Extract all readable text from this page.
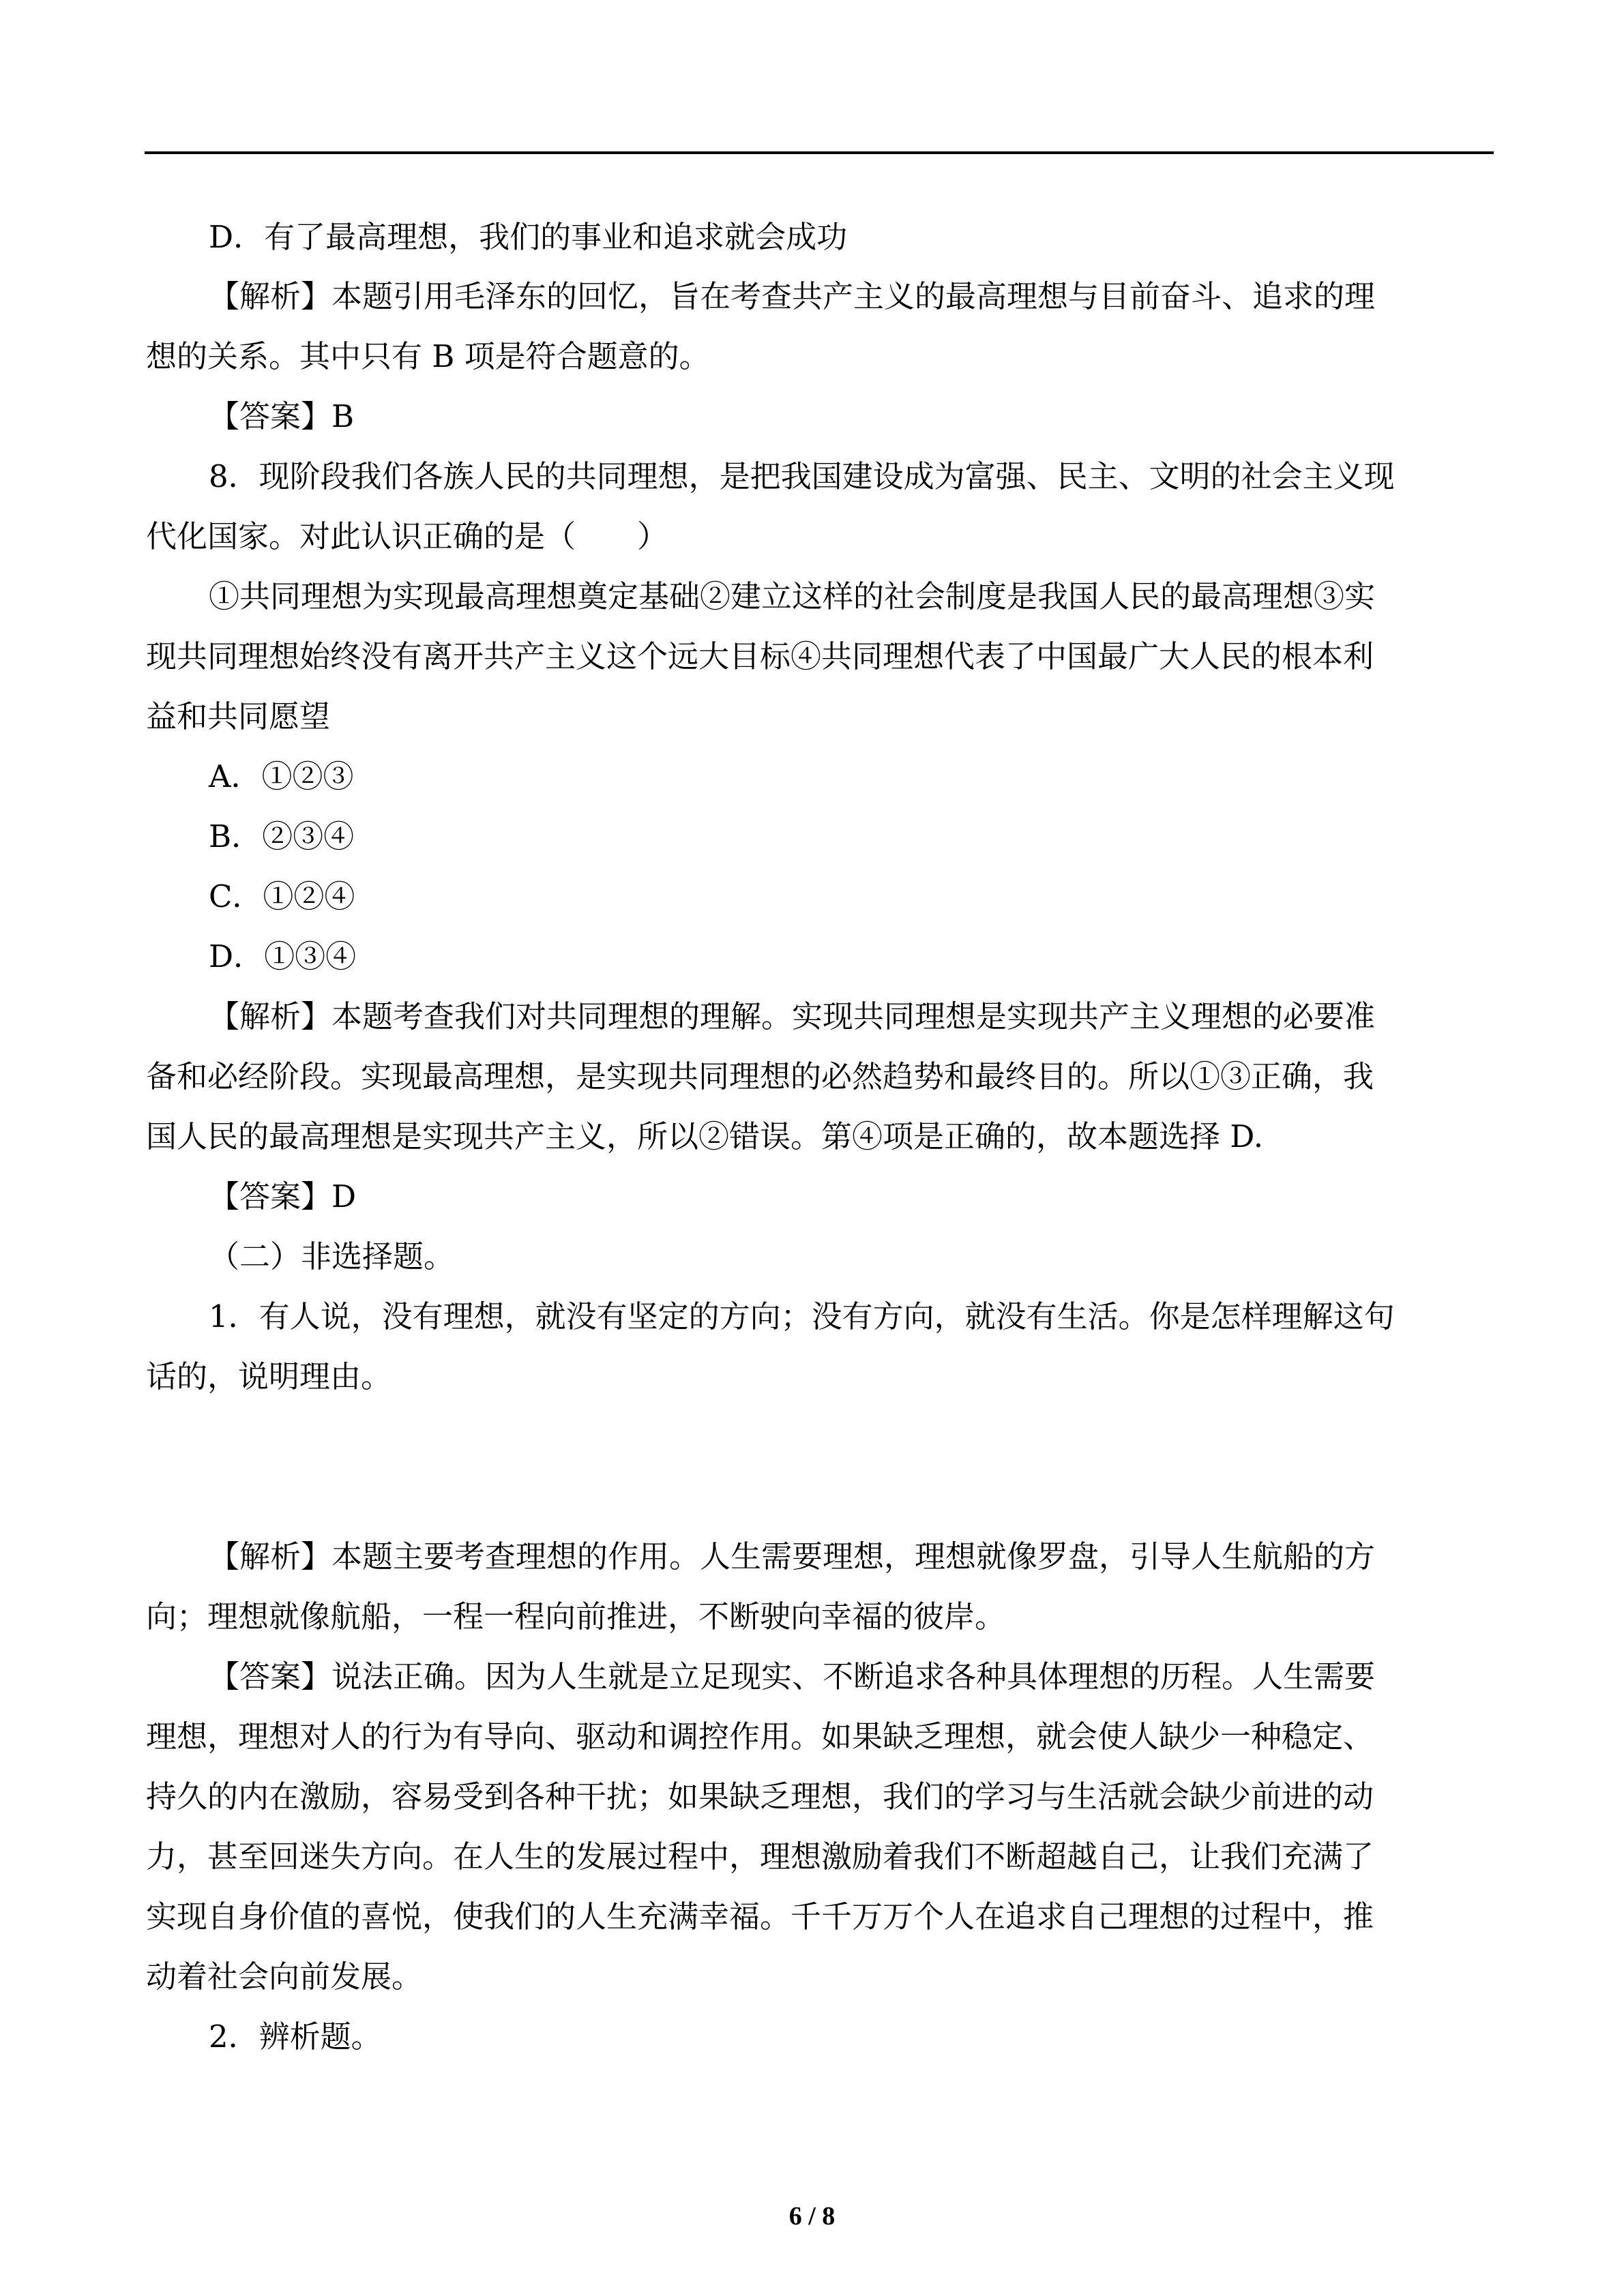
D．有了最高理想，我们的事业和追求就会成功

【解析】本题引用毛泽东的回忆，旨在考查共产主义的最高理想与目前奋斗、追求的理

想的关系。其中只有 B 项是符合题意的。

【答案】B

8．现阶段我们各族人民的共同理想，是把我国建设成为富强、民主、文明的社会主义现

代化国家。对此认识正确的是（　　）

①共同理想为实现最高理想奠定基础②建立这样的社会制度是我国人民的最高理想③实

现共同理想始终没有离开共产主义这个远大目标④共同理想代表了中国最广大人民的根本利

益和共同愿望

A．①②③

B．②③④

C．①②④

D．①③④

【解析】本题考查我们对共同理想的理解。实现共同理想是实现共产主义理想的必要准

备和必经阶段。实现最高理想，是实现共同理想的必然趋势和最终目的。所以①③正确，我

国人民的最高理想是实现共产主义，所以②错误。第④项是正确的，故本题选择 D.

【答案】D

（二）非选择题。

1．有人说，没有理想，就没有坚定的方向；没有方向，就没有生活。你是怎样理解这句

话的，说明理由。

【解析】本题主要考查理想的作用。人生需要理想，理想就像罗盘，引导人生航船的方

向；理想就像航船，一程一程向前推进，不断驶向幸福的彼岸。

【答案】说法正确。因为人生就是立足现实、不断追求各种具体理想的历程。人生需要

理想，理想对人的行为有导向、驱动和调控作用。如果缺乏理想，就会使人缺少一种稳定、

持久的内在激励，容易受到各种干扰；如果缺乏理想，我们的学习与生活就会缺少前进的动

力，甚至回迷失方向。在人生的发展过程中，理想激励着我们不断超越自己，让我们充满了

实现自身价值的喜悦，使我们的人生充满幸福。千千万万个人在追求自己理想的过程中，推

动着社会向前发展。

2．辨析题。

6 / 8
